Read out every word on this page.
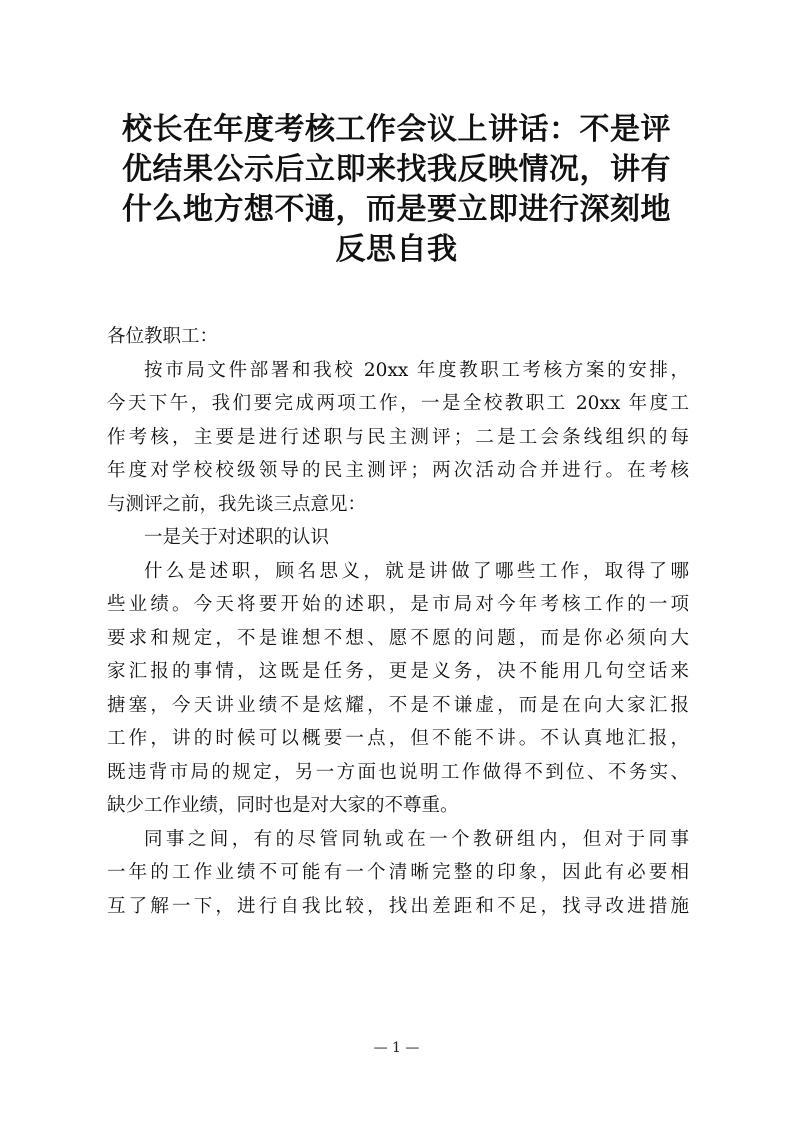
校长在年度考核工作会议上讲话：不是评
优结果公示后立即来找我反映情况，讲有
什么地方想不通，而是要立即进行深刻地
反思自我
各位教职工：
按市局文件部署和我校 20xx 年度教职工考核方案的安排，
今天下午，我们要完成两项工作，一是全校教职工 20xx 年度工
作考核，主要是进行述职与民主测评；二是工会条线组织的每
年度对学校校级领导的民主测评；两次活动合并进行。在考核
与测评之前，我先谈三点意见：
一是关于对述职的认识
什么是述职，顾名思义，就是讲做了哪些工作，取得了哪
些业绩。今天将要开始的述职，是市局对今年考核工作的一项
要求和规定，不是谁想不想、愿不愿的问题，而是你必须向大
家汇报的事情，这既是任务，更是义务，决不能用几句空话来
搪塞，今天讲业绩不是炫耀，不是不谦虚，而是在向大家汇报
工作，讲的时候可以概要一点，但不能不讲。不认真地汇报，
既违背市局的规定，另一方面也说明工作做得不到位、不务实、
缺少工作业绩，同时也是对大家的不尊重。
同事之间，有的尽管同轨或在一个教研组内，但对于同事
一年的工作业绩不可能有一个清晰完整的印象，因此有必要相
互了解一下，进行自我比较，找出差距和不足，找寻改进措施
— 1 —
